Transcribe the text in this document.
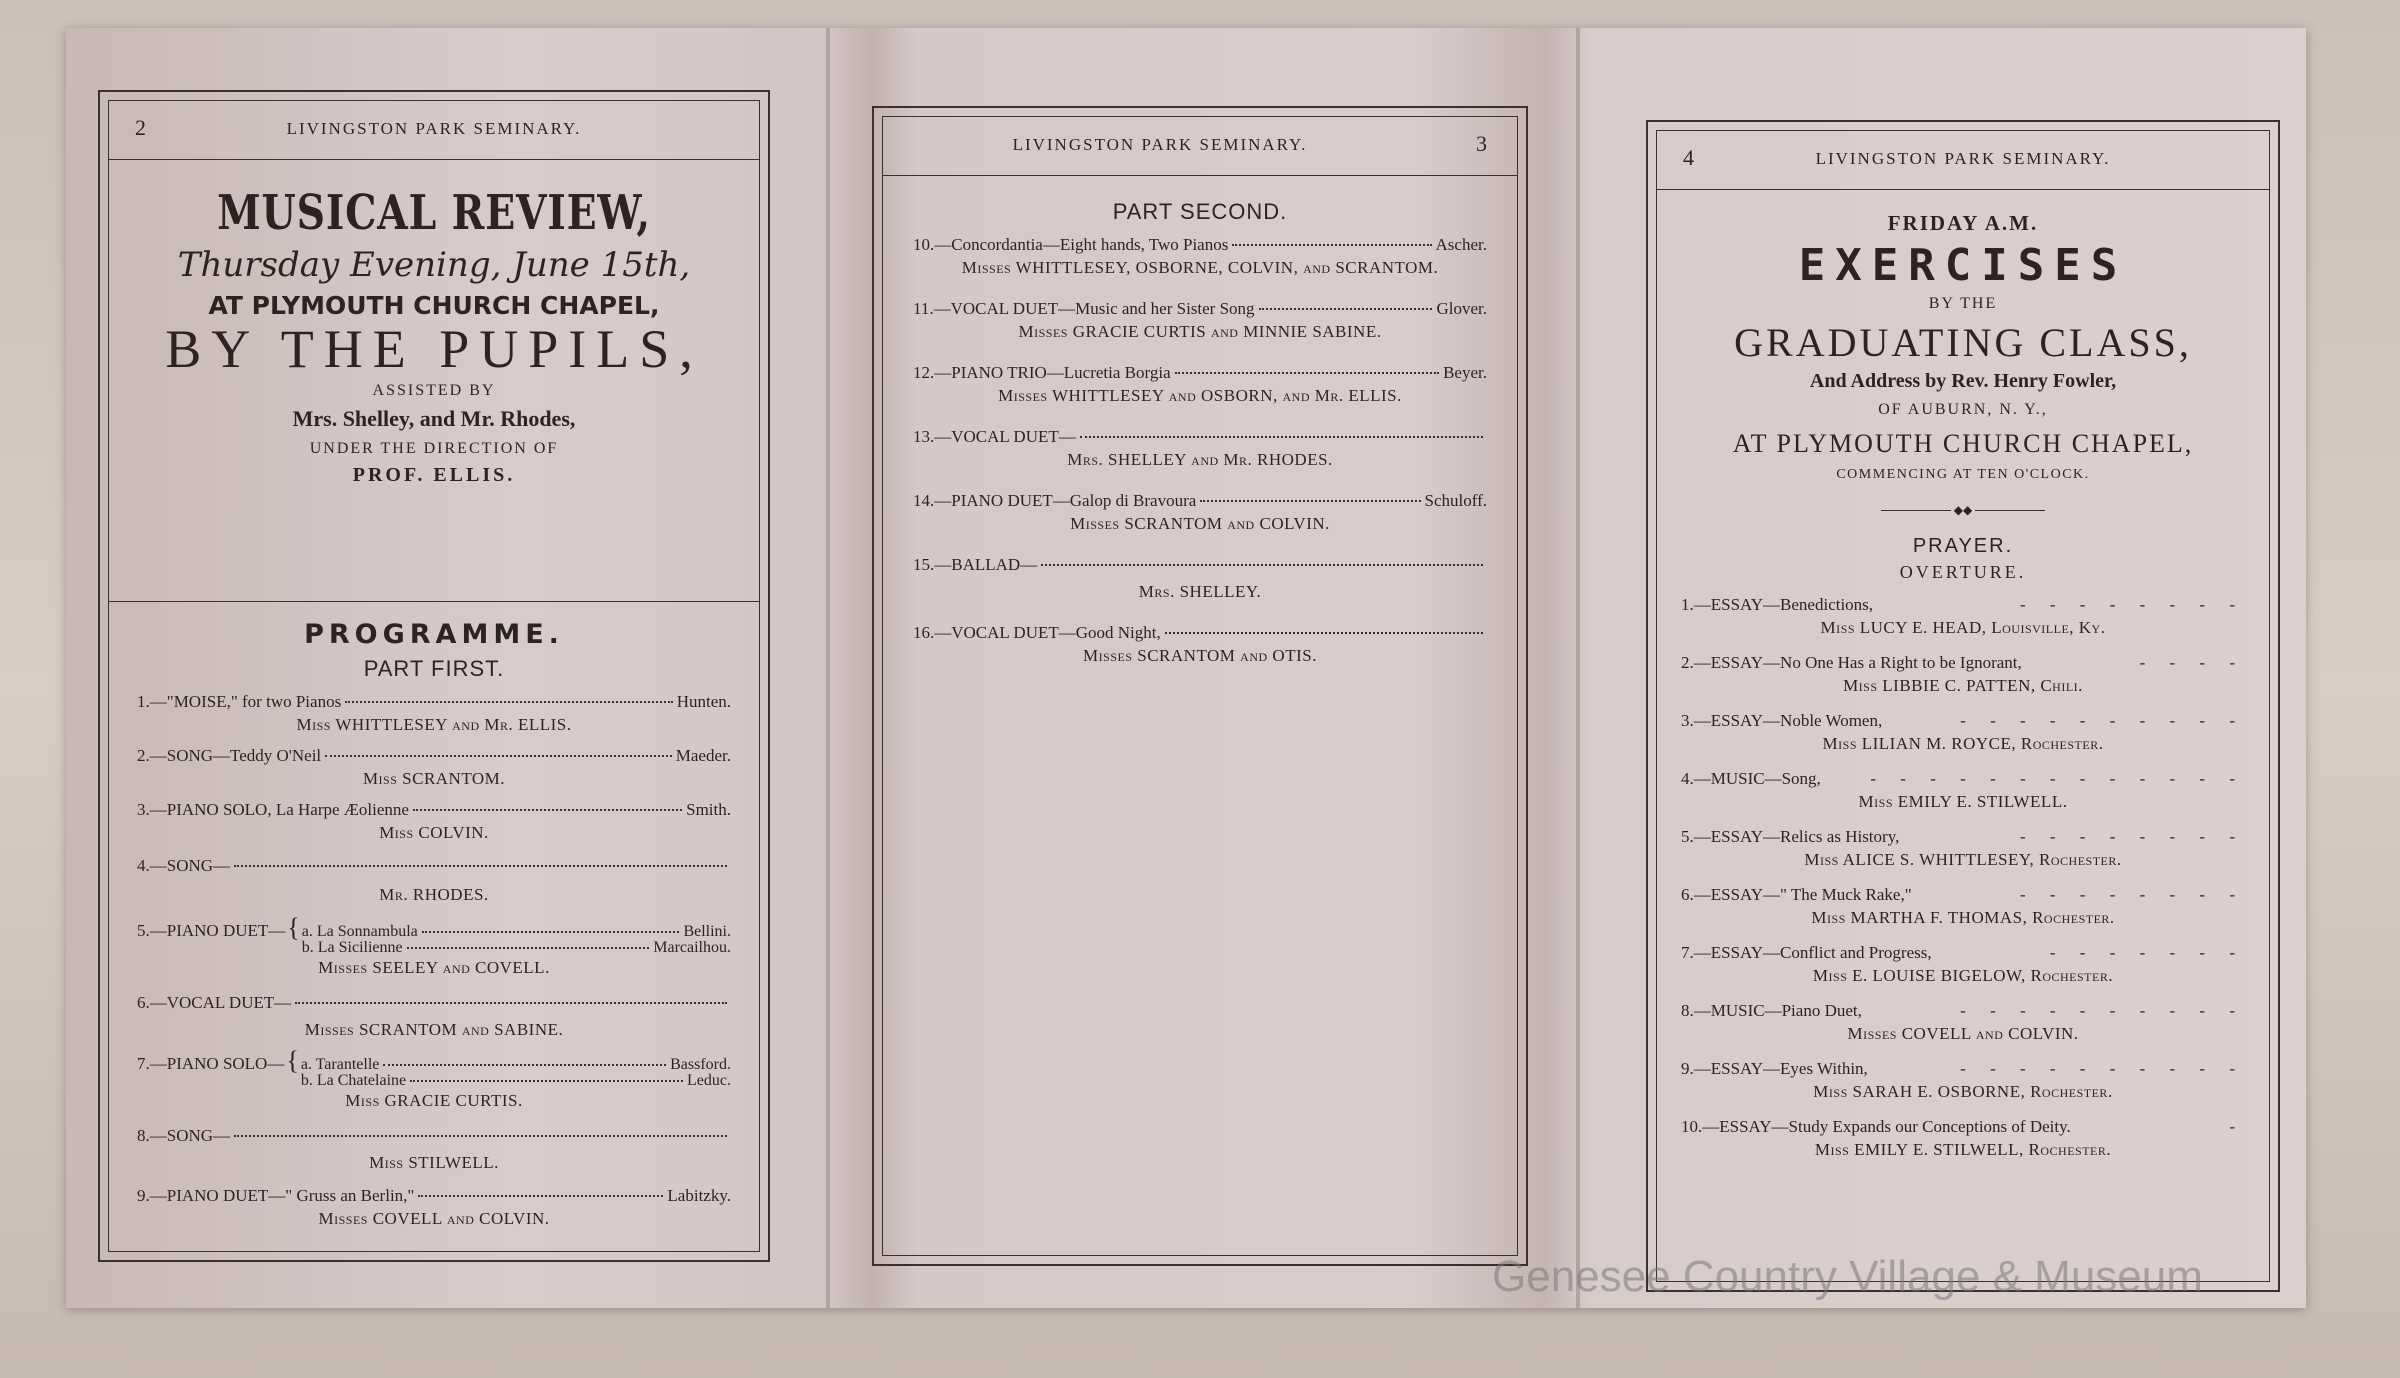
2	LIVINGSTON PARK SEMINARY.
MUSICAL REVIEW,
Thursday Evening, June 15th,
AT PLYMOUTH CHURCH CHAPEL,
BY THE PUPILS,
ASSISTED BY
Mrs. Shelley, and Mr. Rhodes,
UNDER THE DIRECTION OF
PROF. ELLIS.
PROGRAMME.
PART FIRST.
1.—"MOISE," for two Pianos	Hunten.
Miss WHITTLESEY and Mr. ELLIS.
2.—SONG—Teddy O'Neil	Maeder.
Miss SCRANTOM.
3.—PIANO SOLO, La Harpe Æolienne	Smith.
Miss COLVIN.
4.—SONG—
Mr. RHODES.
5.—PIANO DUET— { a. La Sonnambula	Bellini.
b. La Sicilienne	Marcailhou.
Misses SEELEY and COVELL.
6.—VOCAL DUET—
Misses SCRANTOM and SABINE.
7.—PIANO SOLO— { a. Tarantelle	Bassford.
b. La Chatelaine	Leduc.
Miss GRACIE CURTIS.
8.—SONG—
Miss STILWELL.
9.—PIANO DUET—" Gruss an Berlin,"	Labitzky.
Misses COVELL and COLVIN.
LIVINGSTON PARK SEMINARY.	3
PART SECOND.
10.—Concordantia—Eight hands, Two Pianos	Ascher.
Misses WHITTLESEY, OSBORNE, COLVIN, and SCRANTOM.
11.—VOCAL DUET—Music and her Sister Song	Glover.
Misses GRACIE CURTIS and MINNIE SABINE.
12.—PIANO TRIO—Lucretia Borgia	Beyer.
Misses WHITTLESEY and OSBORN, and Mr. ELLIS.
13.—VOCAL DUET—
Mrs. SHELLEY and Mr. RHODES.
14.—PIANO DUET—Galop di Bravoura	Schuloff.
Misses SCRANTOM and COLVIN.
15.—BALLAD—
Mrs. SHELLEY.
16.—VOCAL DUET—Good Night,
Misses SCRANTOM and OTIS.
4	LIVINGSTON PARK SEMINARY.
FRIDAY A.M.
EXERCISES
BY THE
GRADUATING CLASS,
And Address by Rev. Henry Fowler,
OF AUBURN, N. Y.,
AT PLYMOUTH CHURCH CHAPEL,
COMMENCING AT TEN O'CLOCK.
◆◆
PRAYER.
OVERTURE.
1.—ESSAY—Benedictions,	- - - - - - - -
Miss LUCY E. HEAD, Louisville, Ky.
2.—ESSAY—No One Has a Right to be Ignorant,	- - - -
Miss LIBBIE C. PATTEN, Chili.
3.—ESSAY—Noble Women,	- - - - - - - - - -
Miss LILIAN M. ROYCE, Rochester.
4.—MUSIC—Song,	- - - - - - - - - - - - -
Miss EMILY E. STILWELL.
5.—ESSAY—Relics as History,	- - - - - - - -
Miss ALICE S. WHITTLESEY, Rochester.
6.—ESSAY—" The Muck Rake,"	- - - - - - - -
Miss MARTHA F. THOMAS, Rochester.
7.—ESSAY—Conflict and Progress,	- - - - - - -
Miss E. LOUISE BIGELOW, Rochester.
8.—MUSIC—Piano Duet,	- - - - - - - - - -
Misses COVELL and COLVIN.
9.—ESSAY—Eyes Within,	- - - - - - - - - -
Miss SARAH E. OSBORNE, Rochester.
10.—ESSAY—Study Expands our Conceptions of Deity.	-
Miss EMILY E. STILWELL, Rochester.
Genesee Country Village & Museum
